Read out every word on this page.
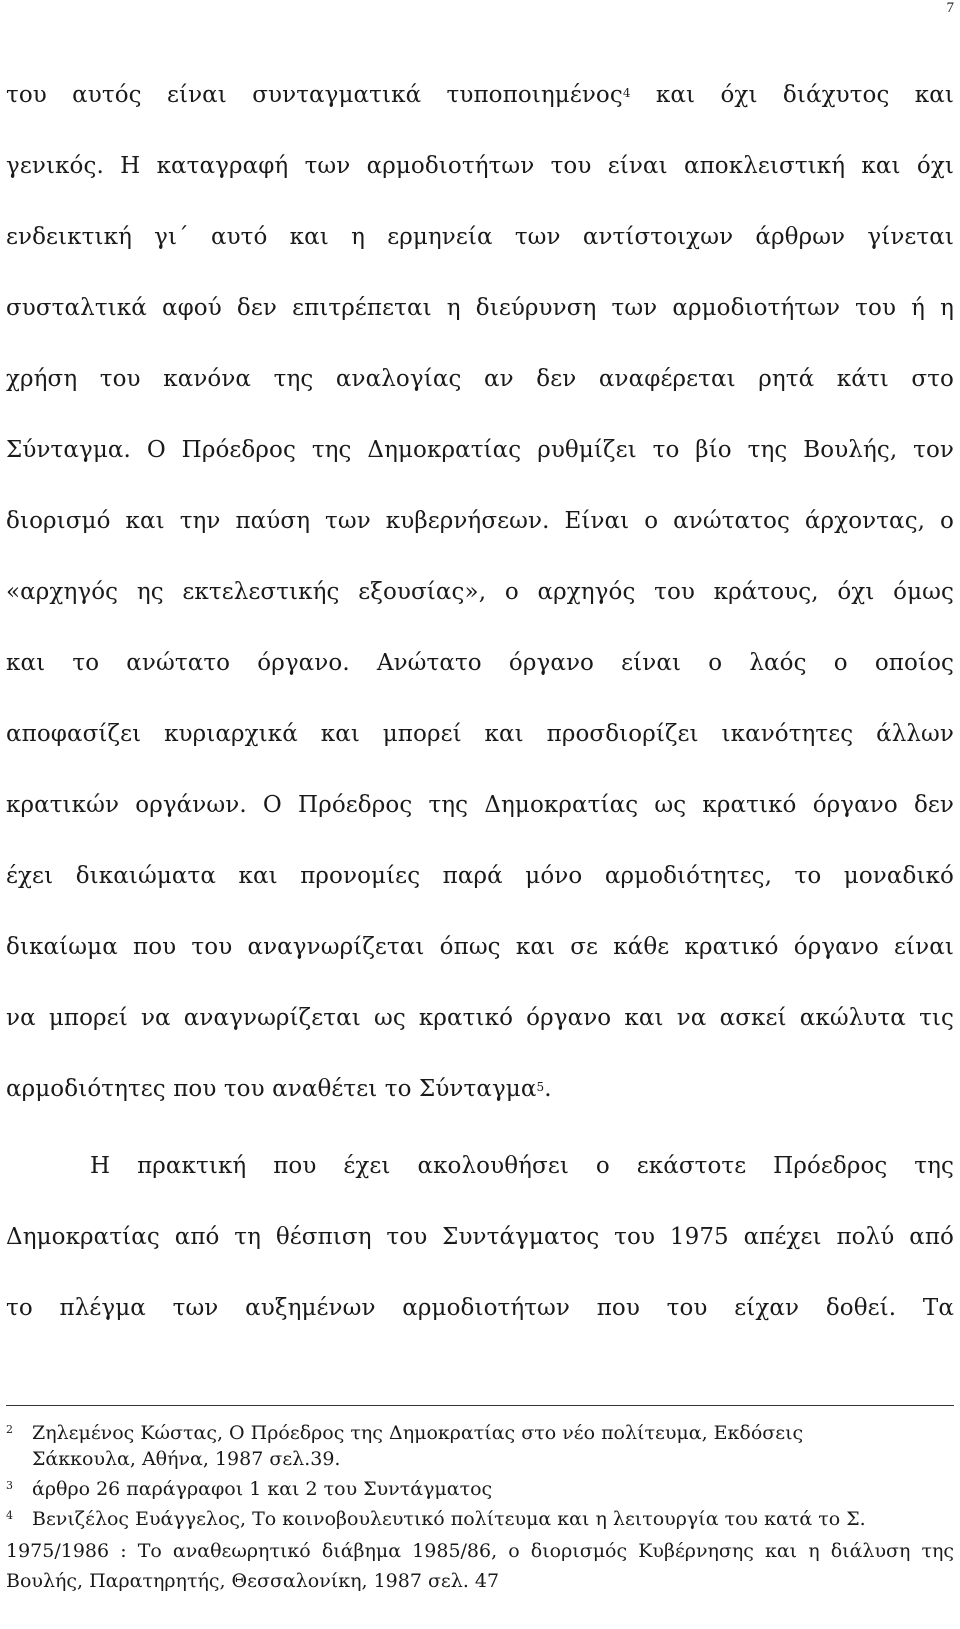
7
του αυτός είναι συνταγματικά τυποποιημένος$^4$ και όχι διάχυτος και
γενικός. Η καταγραφή των αρμοδιοτήτων του είναι αποκλειστική και όχι
ενδεικτική γι΄ αυτό και η ερμηνεία των αντίστοιχων άρθρων γίνεται
συσταλτικά αφού δεν επιτρέπεται η διεύρυνση των αρμοδιοτήτων του ή η
χρήση του κανόνα της αναλογίας αν δεν αναφέρεται ρητά κάτι στο
Σύνταγμα. Ο Πρόεδρος της Δημοκρατίας ρυθμίζει το βίο της Βουλής, τον
διορισμό και την παύση των κυβερνήσεων. Είναι ο ανώτατος άρχοντας, ο
«αρχηγός ης εκτελεστικής εξουσίας», ο αρχηγός του κράτους, όχι όμως
και το ανώτατο όργανο. Ανώτατο όργανο είναι ο λαός ο οποίος
αποφασίζει κυριαρχικά και μπορεί και προσδιορίζει ικανότητες άλλων
κρατικών οργάνων. Ο Πρόεδρος της Δημοκρατίας ως κρατικό όργανο δεν
έχει δικαιώματα και προνομίες παρά μόνο αρμοδιότητες, το μοναδικό
δικαίωμα που του αναγνωρίζεται όπως και σε κάθε κρατικό όργανο είναι
να μπορεί να αναγνωρίζεται ως κρατικό όργανο και να ασκεί ακώλυτα τις
αρμοδιότητες που του αναθέτει το Σύνταγμα$^5$.
Η πρακτική που έχει ακολουθήσει ο εκάστοτε Πρόεδρος της
Δημοκρατίας από τη θέσπιση του Συντάγματος του 1975 απέχει πολύ από
το πλέγμα των αυξημένων αρμοδιοτήτων που του είχαν δοθεί. Τα
2 Ζηλεμένος Κώστας, Ο Πρόεδρος της Δημοκρατίας στο νέο πολίτευμα, Εκδόσεις
Σάκκουλα, Αθήνα, 1987 σελ.39.
3 άρθρο 26 παράγραφοι 1 και 2 του Συντάγματος
4 Βενιζέλος Ευάγγελος, Το κοινοβουλευτικό πολίτευμα και η λειτουργία του κατά το Σ.
1975/1986 : Το αναθεωρητικό διάβημα 1985/86, ο διορισμός Κυβέρνησης και η διάλυση της
Βουλής, Παρατηρητής, Θεσσαλονίκη, 1987 σελ. 47
